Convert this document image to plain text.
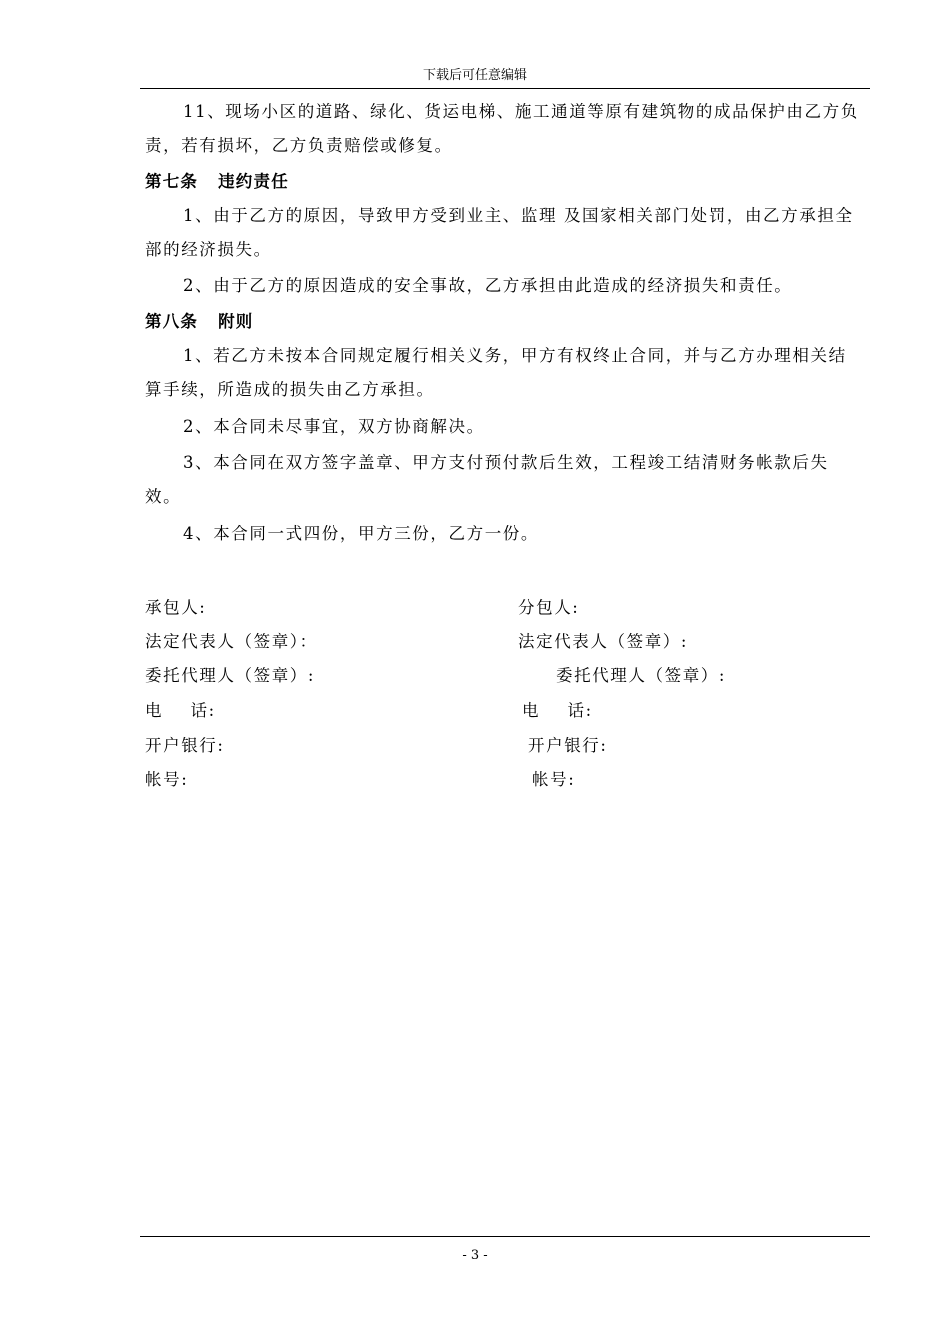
下载后可任意编辑

11、现场小区的道路、绿化、货运电梯、施工通道等原有建筑物的成品保护由乙方负责，若有损坏，乙方负责赔偿或修复。

第七条 违约责任

1、由于乙方的原因，导致甲方受到业主、监理 及国家相关部门处罚，由乙方承担全部的经济损失。

2、由于乙方的原因造成的安全事故，乙方承担由此造成的经济损失和责任。

第八条 附则

1、若乙方未按本合同规定履行相关义务，甲方有权终止合同，并与乙方办理相关结算手续，所造成的损失由乙方承担。

2、本合同未尽事宜，双方协商解决。

3、本合同在双方签字盖章、甲方支付预付款后生效，工程竣工结清财务帐款后失效。

4、本合同一式四份，甲方三份，乙方一份。

承包人:
法定代表人（签章）：
委托代理人（签章）:
电    话:
开户银行:
帐号:
分包人:
法定代表人（签章）:
委托代理人（签章）:
电    话:
开户银行:
帐号:
- 3 -
